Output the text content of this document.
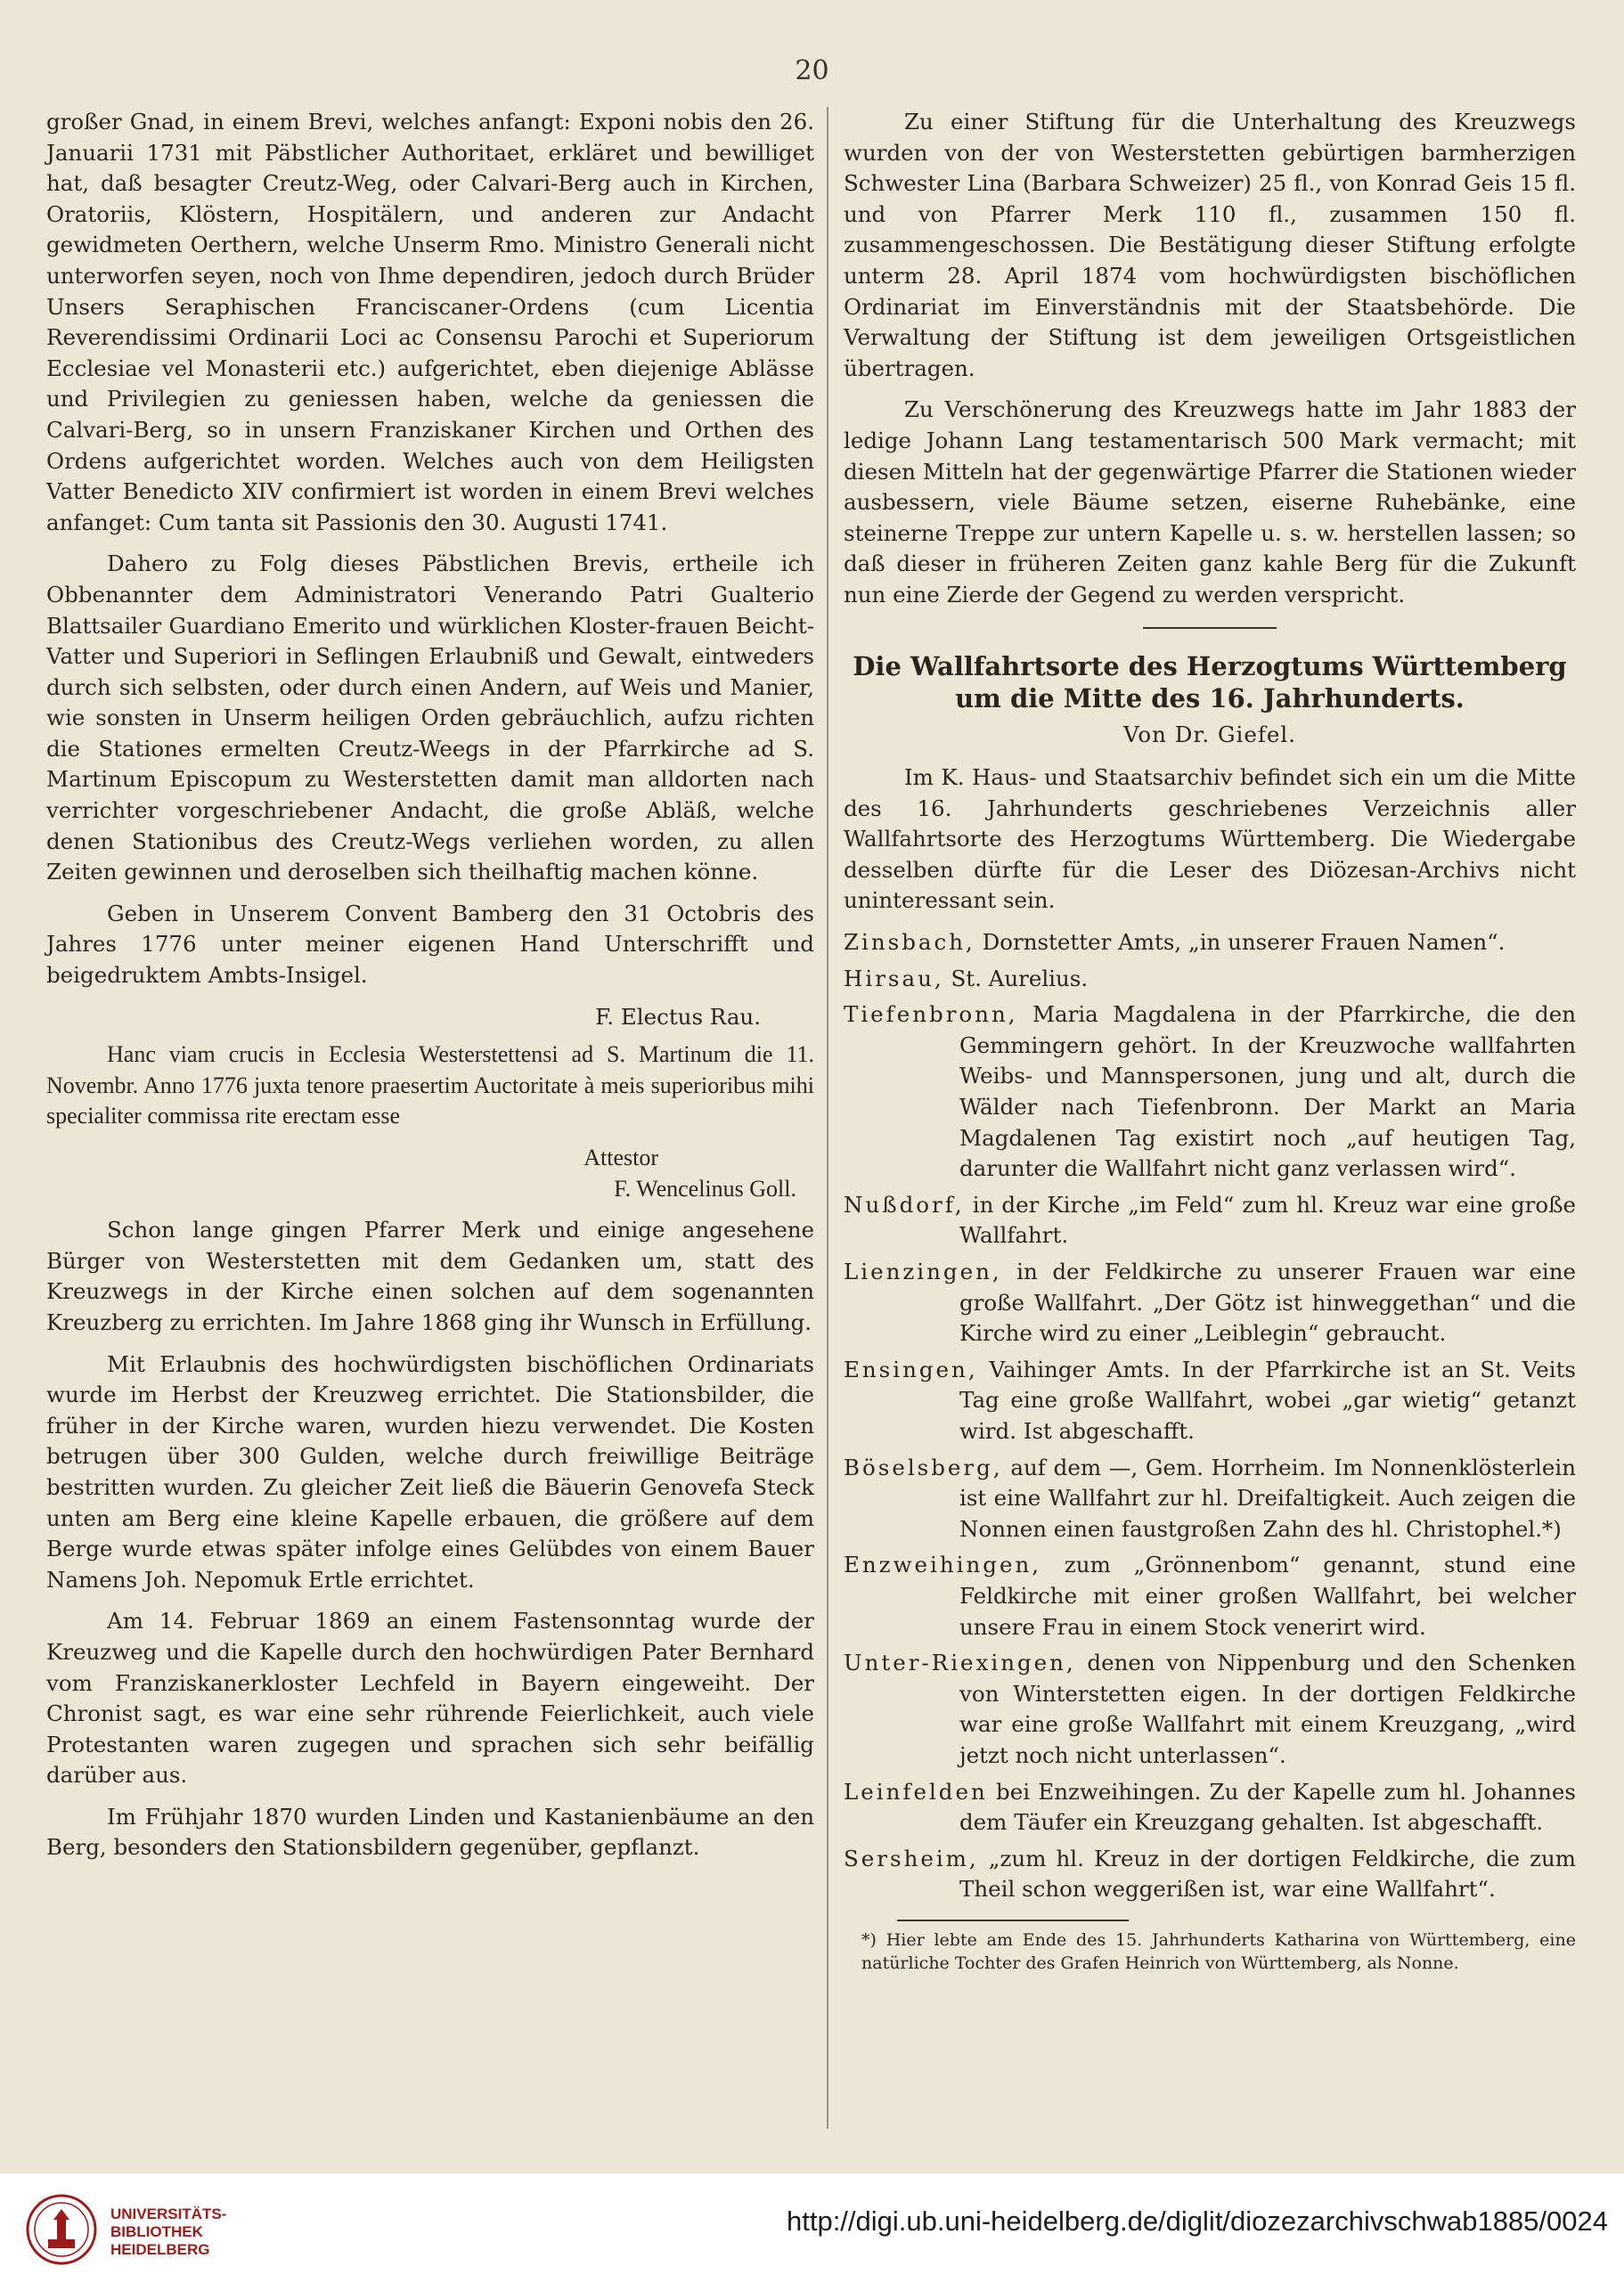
20

großer Gnad, in einem Brevi, welches anfangt: Exponi nobis den 26. Januarii 1731 mit Päbstlicher Authoritaet, erkläret und bewilliget hat, daß besagter Creutz-Weg, oder Calvari-Berg auch in Kirchen, Oratoriis, Klöstern, Hospitälern, und anderen zur Andacht gewidmeten Oerthern, welche Unserm Rmo. Ministro Generali nicht unterworfen seyen, noch von Ihme dependiren, jedoch durch Brüder Unsers Seraphischen Franciscaner-Ordens (cum Licentia Reverendissimi Ordinarii Loci ac Consensu Parochi et Superiorum Ecclesiae vel Monasterii etc.) aufgerichtet, eben diejenige Ablässe und Privilegien zu geniessen haben, welche da geniessen die Calvari-Berg, so in unsern Franziskaner Kirchen und Orthen des Ordens aufgerichtet worden. Welches auch von dem Heiligsten Vatter Benedicto XIV confirmiert ist worden in einem Brevi welches anfanget: Cum tanta sit Passionis den 30. Augusti 1741.

Dahero zu Folg dieses Päbstlichen Brevis, ertheile ich Obbenannter dem Administratori Venerando Patri Gualterio Blattsailer Guardiano Emerito und würklichen Kloster-frauen Beicht-Vatter und Superiori in Seflingen Erlaubniß und Gewalt, eintweders durch sich selbsten, oder durch einen Andern, auf Weis und Manier, wie sonsten in Unserm heiligen Orden gebräuchlich, aufzu richten die Stationes ermelten Creutz-Weegs in der Pfarrkirche ad S. Martinum Episcopum zu Westerstetten damit man alldorten nach verrichter vorgeschriebener Andacht, die große Abläß, welche denen Stationibus des Creutz-Wegs verliehen worden, zu allen Zeiten gewinnen und deroselben sich theilhaftig machen könne.

Geben in Unserem Convent Bamberg den 31 Octobris des Jahres 1776 unter meiner eigenen Hand Unterschrifft und beigedruktem Ambts-Insigel.

F. Electus Rau.

Hanc viam crucis in Ecclesia Westerstettensi ad S. Martinum die 11. Novembr. Anno 1776 juxta tenore praesertim Auctoritate à meis superioribus mihi specialiter commissa rite erectam esse

Attestor

F. Wencelinus Goll.

Schon lange gingen Pfarrer Merk und einige angesehene Bürger von Westerstetten mit dem Gedanken um, statt des Kreuzwegs in der Kirche einen solchen auf dem sogenannten Kreuzberg zu errichten. Im Jahre 1868 ging ihr Wunsch in Erfüllung.

Mit Erlaubnis des hochwürdigsten bischöflichen Ordinariats wurde im Herbst der Kreuzweg errichtet. Die Stationsbilder, die früher in der Kirche waren, wurden hiezu verwendet. Die Kosten betrugen über 300 Gulden, welche durch freiwillige Beiträge bestritten wurden. Zu gleicher Zeit ließ die Bäuerin Genovefa Steck unten am Berg eine kleine Kapelle erbauen, die größere auf dem Berge wurde etwas später infolge eines Gelübdes von einem Bauer Namens Joh. Nepomuk Ertle errichtet.

Am 14. Februar 1869 an einem Fastensonntag wurde der Kreuzweg und die Kapelle durch den hochwürdigen Pater Bernhard vom Franziskanerkloster Lechfeld in Bayern eingeweiht. Der Chronist sagt, es war eine sehr rührende Feierlichkeit, auch viele Protestanten waren zugegen und sprachen sich sehr beifällig darüber aus.

Im Frühjahr 1870 wurden Linden und Kastanienbäume an den Berg, besonders den Stationsbildern gegenüber, gepflanzt.

Zu einer Stiftung für die Unterhaltung des Kreuzwegs wurden von der von Westerstetten gebürtigen barmherzigen Schwester Lina (Barbara Schweizer) 25 fl., von Konrad Geis 15 fl. und von Pfarrer Merk 110 fl., zusammen 150 fl. zusammengeschossen. Die Bestätigung dieser Stiftung erfolgte unterm 28. April 1874 vom hochwürdigsten bischöflichen Ordinariat im Einverständnis mit der Staatsbehörde. Die Verwaltung der Stiftung ist dem jeweiligen Ortsgeistlichen übertragen.

Zu Verschönerung des Kreuzwegs hatte im Jahr 1883 der ledige Johann Lang testamentarisch 500 Mark vermacht; mit diesen Mitteln hat der gegenwärtige Pfarrer die Stationen wieder ausbessern, viele Bäume setzen, eiserne Ruhebänke, eine steinerne Treppe zur untern Kapelle u. s. w. herstellen lassen; so daß dieser in früheren Zeiten ganz kahle Berg für die Zukunft nun eine Zierde der Gegend zu werden verspricht.

Die Wallfahrtsorte des Herzogtums Württemberg um die Mitte des 16. Jahrhunderts.

Von Dr. Giefel.

Im K. Haus- und Staatsarchiv befindet sich ein um die Mitte des 16. Jahrhunderts geschriebenes Verzeichnis aller Wallfahrtsorte des Herzogtums Württemberg. Die Wiedergabe desselben dürfte für die Leser des Diözesan-Archivs nicht uninteressant sein.

Zinsbach, Dornstetter Amts, „in unserer Frauen Namen“.

Hirsau, St. Aurelius.

Tiefenbronn, Maria Magdalena in der Pfarrkirche, die den Gemmingern gehört. In der Kreuzwoche wallfahrten Weibs- und Mannspersonen, jung und alt, durch die Wälder nach Tiefenbronn. Der Markt an Maria Magdalenen Tag existirt noch „auf heutigen Tag, darunter die Wallfahrt nicht ganz verlassen wird“.

Nußdorf, in der Kirche „im Feld“ zum hl. Kreuz war eine große Wallfahrt.

Lienzingen, in der Feldkirche zu unserer Frauen war eine große Wallfahrt. „Der Götz ist hinweggethan“ und die Kirche wird zu einer „Leiblegin“ gebraucht.

Ensingen, Vaihinger Amts. In der Pfarrkirche ist an St. Veits Tag eine große Wallfahrt, wobei „gar wietig“ getanzt wird. Ist abgeschafft.

Böselsberg, auf dem —, Gem. Horrheim. Im Nonnenklösterlein ist eine Wallfahrt zur hl. Dreifaltigkeit. Auch zeigen die Nonnen einen faustgroßen Zahn des hl. Christophel.*)

Enzweihingen, zum „Grönnenbom“ genannt, stund eine Feldkirche mit einer großen Wallfahrt, bei welcher unsere Frau in einem Stock venerirt wird.

Unter-Riexingen, denen von Nippenburg und den Schenken von Winterstetten eigen. In der dortigen Feldkirche war eine große Wallfahrt mit einem Kreuzgang, „wird jetzt noch nicht unterlassen“.

Leinfelden bei Enzweihingen. Zu der Kapelle zum hl. Johannes dem Täufer ein Kreuzgang gehalten. Ist abgeschafft.

Sersheim, „zum hl. Kreuz in der dortigen Feldkirche, die zum Theil schon weggerißen ist, war eine Wallfahrt“.

*) Hier lebte am Ende des 15. Jahrhunderts Katharina von Württemberg, eine natürliche Tochter des Grafen Heinrich von Württemberg, als Nonne.

UNIVERSITÄTS-
BIBLIOTHEK
HEIDELBERG
http://digi.ub.uni-heidelberg.de/diglit/diozezarchivschwab1885/0024
